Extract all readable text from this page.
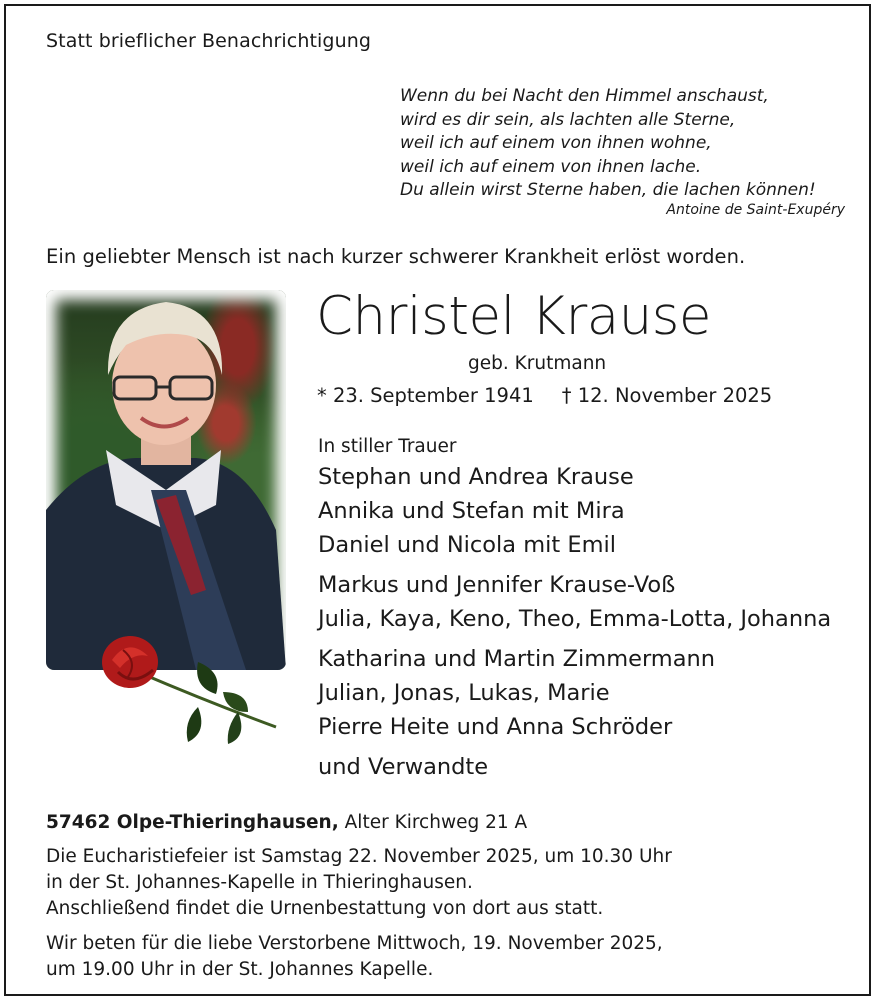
Statt brieflicher Benachrichtigung
Wenn du bei Nacht den Himmel anschaust,
wird es dir sein, als lachten alle Sterne,
weil ich auf einem von ihnen wohne,
weil ich auf einem von ihnen lache.
Du allein wirst Sterne haben, die lachen können!
Antoine de Saint-Exupéry
Ein geliebter Mensch ist nach kurzer schwerer Krankheit erlöst worden.
Christel Krause
geb. Krutmann
* 23. September 1941 † 12. November 2025
In stiller Trauer
Stephan und Andrea Krause
Annika und Stefan mit Mira
Daniel und Nicola mit Emil
Markus und Jennifer Krause-Voß
Julia, Kaya, Keno, Theo, Emma-Lotta, Johanna
Katharina und Martin Zimmermann
Julian, Jonas, Lukas, Marie
Pierre Heite und Anna Schröder
und Verwandte
57462 Olpe-Thieringhausen, Alter Kirchweg 21 A
Die Eucharistiefeier ist Samstag 22. November 2025, um 10.30 Uhr
in der St. Johannes-Kapelle in Thieringhausen.
Anschließend findet die Urnenbestattung von dort aus statt.
Wir beten für die liebe Verstorbene Mittwoch, 19. November 2025,
um 19.00 Uhr in der St. Johannes Kapelle.
